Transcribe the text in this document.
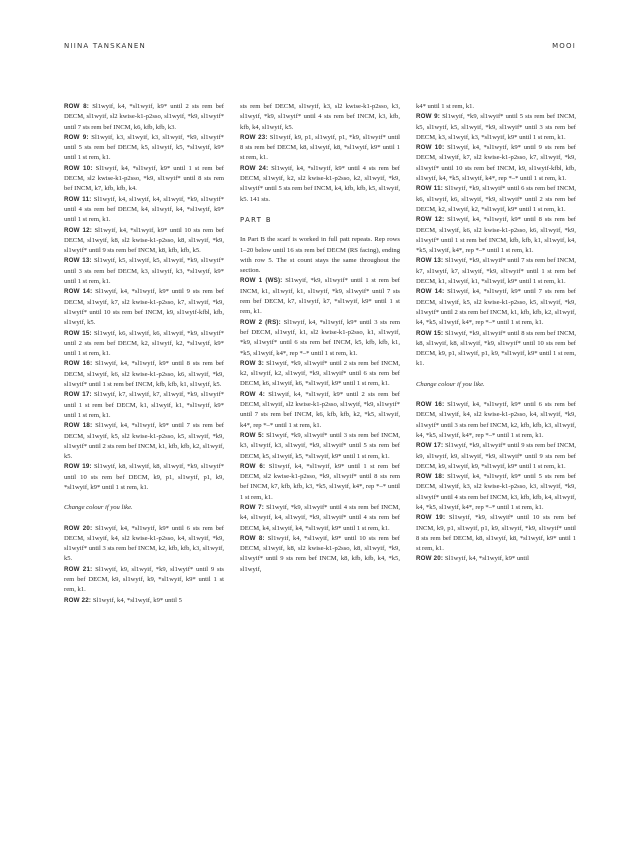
NIINA TANSKANEN	MOOI

ROW 8: Sl1wyif, k4, *sl1wyif, k9* until 2 sts rem bef DECM, sl1wyif, sl2 kwise-k1-p2sso, sl1wyif, *k9, sl1wyif* until 7 sts rem bef INCM, k6, kfb, kfb, k3.

ROW 9: Sl1wyif, k3, sl1wyif, k3, sl1wyif, *k9, sl1wyif* until 5 sts rem bef DECM, k5, sl1wyif, k5, *sl1wyif, k9* until 1 st rem, k1.

ROW 10: Sl1wyif, k4, *sl1wyif, k9* until 1 st rem bef DECM, sl2 kwise-k1-p2sso, *k9, sl1wyif* until 8 sts rem bef INCM, k7, kfb, kfb, k4.

ROW 11: Sl1wyif, k4, sl1wyif, k4, sl1wyif, *k9, sl1wyif* until 4 sts rem bef DECM, k4, sl1wyif, k4, *sl1wyif, k9* until 1 st rem, k1.

ROW 12: Sl1wyif, k4, *sl1wyif, k9* until 10 sts rem bef DECM, sl1wyif, k8, sl2 kwise-k1-p2sso, k8, sl1wyif, *k9, sl1wyif* until 9 sts rem bef INCM, k8, kfb, kfb, k5.

ROW 13: Sl1wyif, k5, sl1wyif, k5, sl1wyif, *k9, sl1wyif* until 3 sts rem bef DECM, k3, sl1wyif, k3, *sl1wyif, k9* until 1 st rem, k1.

ROW 14: Sl1wyif, k4, *sl1wyif, k9* until 9 sts rem bef DECM, sl1wyif, k7, sl2 kwise-k1-p2sso, k7, sl1wyif, *k9, sl1wyif* until 10 sts rem bef INCM, k9, sl1wyif-kfbl, kfb, sl1wyif, k5.

ROW 15: Sl1wyif, k6, sl1wyif, k6, sl1wyif, *k9, sl1wyif* until 2 sts rem bef DECM, k2, sl1wyif, k2, *sl1wyif, k9* until 1 st rem, k1.

ROW 16: Sl1wyif, k4, *sl1wyif, k9* until 8 sts rem bef DECM, sl1wyif, k6, sl2 kwise-k1-p2sso, k6, sl1wyif, *k9, sl1wyif* until 1 st rem bef INCM, kfb, kfb, k1, sl1wyif, k5.

ROW 17: Sl1wyif, k7, sl1wyif, k7, sl1wyif, *k9, sl1wyif* until 1 st rem bef DECM, k1, sl1wyif, k1, *sl1wyif, k9* until 1 st rem, k1.

ROW 18: Sl1wyif, k4, *sl1wyif, k9* until 7 sts rem bef DECM, sl1wyif, k5, sl2 kwise-k1-p2sso, k5, sl1wyif, *k9, sl1wyif* until 2 sts rem bef INCM, k1, kfb, kfb, k2, sl1wyif, k5.

ROW 19: Sl1wyif, k8, sl1wyif, k8, sl1wyif, *k9, sl1wyif* until 10 sts rem bef DECM, k9, p1, sl1wyif, p1, k9, *sl1wyif, k9* until 1 st rem, k1.

Change colour if you like.

ROW 20: Sl1wyif, k4, *sl1wyif, k9* until 6 sts rem bef DECM, sl1wyif, k4, sl2 kwise-k1-p2sso, k4, sl1wyif, *k9, sl1wyif* until 3 sts rem bef INCM, k2, kfb, kfb, k3, sl1wyif, k5.

ROW 21: Sl1wyif, k9, sl1wyif, *k9, sl1wyif* until 9 sts rem bef DECM, k9, sl1wyif, k9, *sl1wyif, k9* until 1 st rem, k1.

ROW 22: Sl1wyif, k4, *sl1wyif, k9* until 5

sts rem bef DECM, sl1wyif, k3, sl2 kwise-k1-p2sso, k3, sl1wyif, *k9, sl1wyif* until 4 sts rem bef INCM, k3, kfb, kfb, k4, sl1wyif, k5.

ROW 23: Sl1wyif, k9, p1, sl1wyif, p1, *k9, sl1wyif* until 8 sts rem bef DECM, k8, sl1wyif, k8, *sl1wyif, k9* until 1 st rem, k1.

ROW 24: Sl1wyif, k4, *sl1wyif, k9* until 4 sts rem bef DECM, sl1wyif, k2, sl2 kwise-k1-p2sso, k2, sl1wyif, *k9, sl1wyif* until 5 sts rem bef INCM, k4, kfb, kfb, k5, sl1wyif, k5. 141 sts.

PART B

In Part B the scarf is worked in full patt repeats. Rep rows 1–20 below until 16 sts rem bef DECM (RS facing), ending with row 5. The st count stays the same throughout the section.

ROW 1 (WS): Sl1wyif, *k9, sl1wyif* until 1 st rem bef INCM, k1, sl1wyif, k1, sl1wyif, *k9, sl1wyif* until 7 sts rem bef DECM, k7, sl1wyif, k7, *sl1wyif, k9* until 1 st rem, k1.

ROW 2 (RS): Sl1wyif, k4, *sl1wyif, k9* until 3 sts rem bef DECM, sl1wyif, k1, sl2 kwise-k1-p2sso, k1, sl1wyif, *k9, sl1wyif* until 6 sts rem bef INCM, k5, kfb, kfb, k1, *k5, sl1wyif, k4*, rep *–* until 1 st rem, k1.

ROW 3: Sl1wyif, *k9, sl1wyif* until 2 sts rem bef INCM, k2, sl1wyif, k2, sl1wyif, *k9, sl1wyif* until 6 sts rem bef DECM, k6, sl1wyif, k6, *sl1wyif, k9* until 1 st rem, k1.

ROW 4: Sl1wyif, k4, *sl1wyif, k9* until 2 sts rem bef DECM, sl1wyif, sl2 kwise-k1-p2sso, sl1wyif, *k9, sl1wyif* until 7 sts rem bef INCM, k6, kfb, kfb, k2, *k5, sl1wyif, k4*, rep *–* until 1 st rem, k1.

ROW 5: Sl1wyif, *k9, sl1wyif* until 3 sts rem bef INCM, k3, sl1wyif, k3, sl1wyif, *k9, sl1wyif* until 5 sts rem bef DECM, k5, sl1wyif, k5, *sl1wyif, k9* until 1 st rem, k1.

ROW 6: Sl1wyif, k4, *sl1wyif, k9* until 1 st rem bef DECM, sl2 kwise-k1-p2sso, *k9, sl1wyif* until 8 sts rem bef INCM, k7, kfb, kfb, k3, *k5, sl1wyif, k4*, rep *–* until 1 st rem, k1.

ROW 7: Sl1wyif, *k9, sl1wyif* until 4 sts rem bef INCM, k4, sl1wyif, k4, sl1wyif, *k9, sl1wyif* until 4 sts rem bef DECM, k4, sl1wyif, k4, *sl1wyif, k9* until 1 st rem, k1.

ROW 8: Sl1wyif, k4, *sl1wyif, k9* until 10 sts rem bef DECM, sl1wyif, k8, sl2 kwise-k1-p2sso, k8, sl1wyif, *k9, sl1wyif* until 9 sts rem bef INCM, k8, kfb, kfb, k4, *k5, sl1wyif,

k4* until 1 st rem, k1.

ROW 9: Sl1wyif, *k9, sl1wyif* until 5 sts rem bef INCM, k5, sl1wyif, k5, sl1wyif, *k9, sl1wyif* until 3 sts rem bef DECM, k3, sl1wyif, k3, *sl1wyif, k9* until 1 st rem, k1.

ROW 10: Sl1wyif, k4, *sl1wyif, k9* until 9 sts rem bef DECM, sl1wyif, k7, sl2 kwise-k1-p2sso, k7, sl1wyif, *k9, sl1wyif* until 10 sts rem bef INCM, k9, sl1wyif-kfbl, kfb, sl1wyif, k4, *k5, sl1wyif, k4*, rep *–* until 1 st rem, k1.

ROW 11: Sl1wyif, *k9, sl1wyif* until 6 sts rem bef INCM, k6, sl1wyif, k6, sl1wyif, *k9, sl1wyif* until 2 sts rem bef DECM, k2, sl1wyif, k2, *sl1wyif, k9* until 1 st rem, k1.

ROW 12: Sl1wyif, k4, *sl1wyif, k9* until 8 sts rem bef DECM, sl1wyif, k6, sl2 kwise-k1-p2sso, k6, sl1wyif, *k9, sl1wyif* until 1 st rem bef INCM, kfb, kfb, k1, sl1wyif, k4, *k5, sl1wyif, k4*, rep *–* until 1 st rem, k1.

ROW 13: Sl1wyif, *k9, sl1wyif* until 7 sts rem bef INCM, k7, sl1wyif, k7, sl1wyif, *k9, sl1wyif* until 1 st rem bef DECM, k1, sl1wyif, k1, *sl1wyif, k9* until 1 st rem, k1.

ROW 14: Sl1wyif, k4, *sl1wyif, k9* until 7 sts rem bef DECM, sl1wyif, k5, sl2 kwise-k1-p2sso, k5, sl1wyif, *k9, sl1wyif* until 2 sts rem bef INCM, k1, kfb, kfb, k2, sl1wyif, k4, *k5, sl1wyif, k4*, rep *–* until 1 st rem, k1.

ROW 15: Sl1wyif, *k9, sl1wyif* until 8 sts rem bef INCM, k8, sl1wyif, k8, sl1wyif, *k9, sl1wyif* until 10 sts rem bef DECM, k9, p1, sl1wyif, p1, k9, *sl1wyif, k9* until 1 st rem, k1.

Change colour if you like.

ROW 16: Sl1wyif, k4, *sl1wyif, k9* until 6 sts rem bef DECM, sl1wyif, k4, sl2 kwise-k1-p2sso, k4, sl1wyif, *k9, sl1wyif* until 3 sts rem bef INCM, k2, kfb, kfb, k3, sl1wyif, k4, *k5, sl1wyif, k4*, rep *–* until 1 st rem, k1.

ROW 17: Sl1wyif, *k9, sl1wyif* until 9 sts rem bef INCM, k9, sl1wyif, k9, sl1wyif, *k9, sl1wyif* until 9 sts rem bef DECM, k9, sl1wyif, k9, *sl1wyif, k9* until 1 st rem, k1.

ROW 18: Sl1wyif, k4, *sl1wyif, k9* until 5 sts rem bef DECM, sl1wyif, k3, sl2 kwise-k1-p2sso, k3, sl1wyif, *k9, sl1wyif* until 4 sts rem bef INCM, k3, kfb, kfb, k4, sl1wyif, k4, *k5, sl1wyif, k4*, rep *–* until 1 st rem, k1.

ROW 19: Sl1wyif, *k9, sl1wyif* until 10 sts rem bef INCM, k9, p1, sl1wyif, p1, k9, sl1wyif, *k9, sl1wyif* until 8 sts rem bef DECM, k8, sl1wyif, k8, *sl1wyif, k9* until 1 st rem, k1.

ROW 20: Sl1wyif, k4, *sl1wyif, k9* until
